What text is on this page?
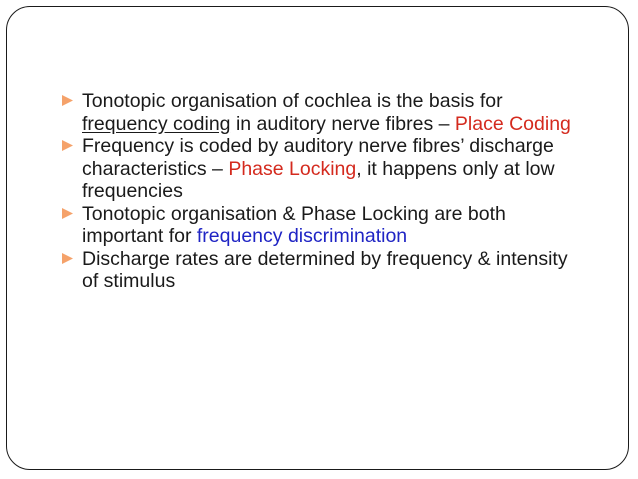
Tonotopic organisation of cochlea is the basis for frequency coding in auditory nerve fibres – Place Coding
Frequency is coded by auditory nerve fibres’ discharge characteristics – Phase Locking, it happens only at low frequencies
Tonotopic organisation & Phase Locking are both important for frequency discrimination
Discharge rates are determined by frequency & intensity of stimulus
